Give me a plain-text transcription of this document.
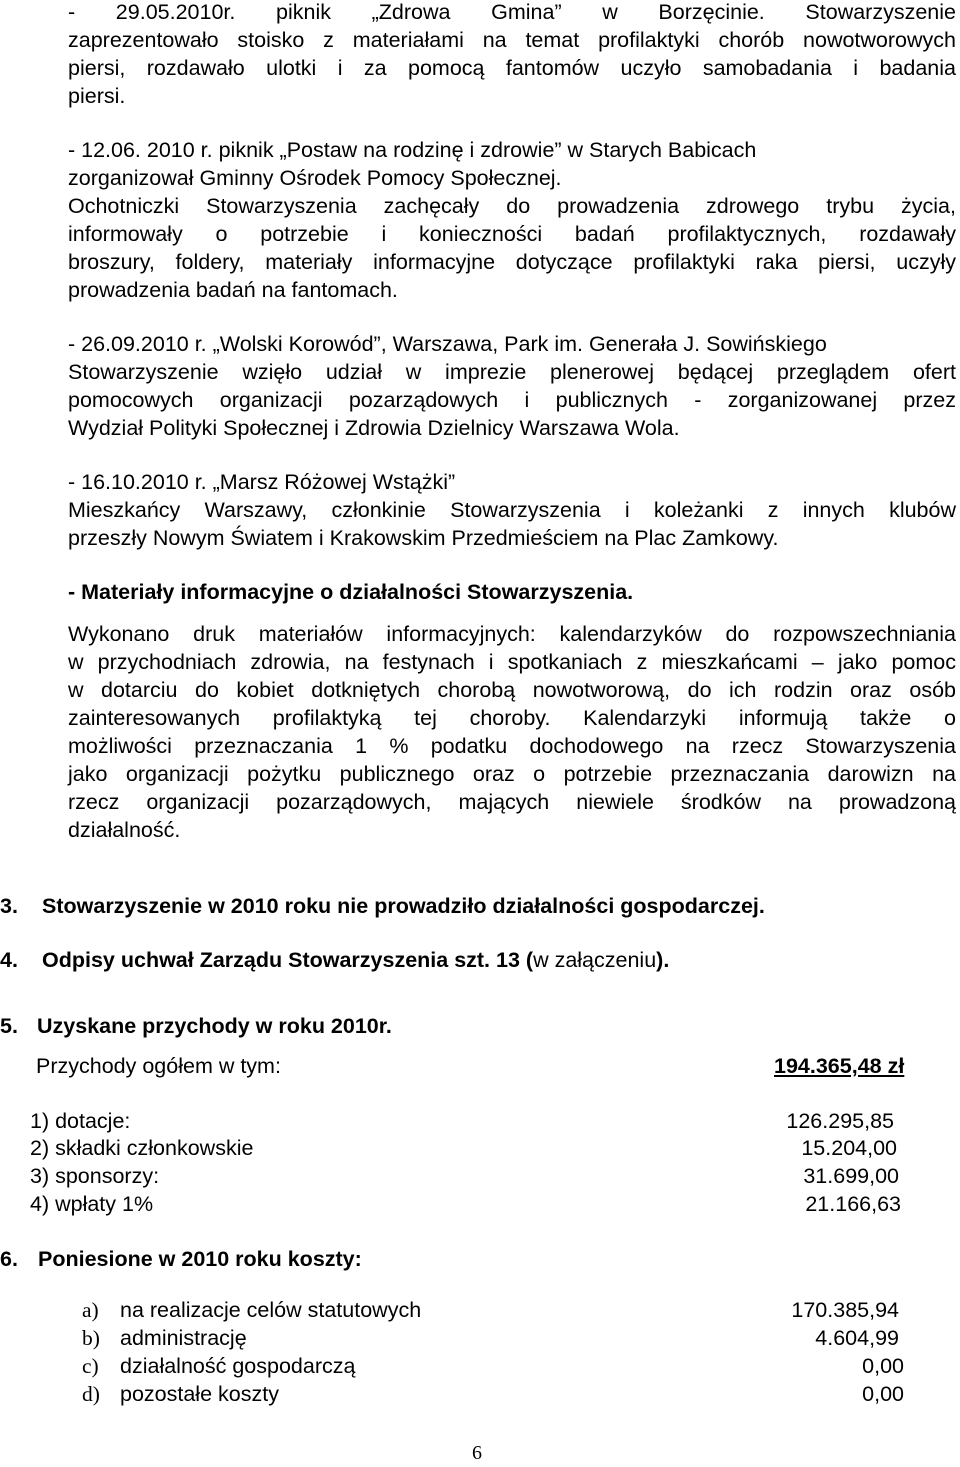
- 29.05.2010r. piknik „Zdrowa Gmina” w Borzęcinie. Stowarzyszenie
zaprezentowało stoisko z materiałami na temat profilaktyki chorób nowotworowych
piersi, rozdawało ulotki i za pomocą fantomów uczyło samobadania i badania
piersi.
- 12.06. 2010 r. piknik „Postaw na rodzinę i zdrowie” w Starych Babicach
zorganizował Gminny Ośrodek Pomocy Społecznej.
Ochotniczki Stowarzyszenia zachęcały do prowadzenia zdrowego trybu życia,
informowały o potrzebie i konieczności badań profilaktycznych, rozdawały
broszury, foldery, materiały informacyjne dotyczące profilaktyki raka piersi, uczyły
prowadzenia badań na fantomach.
- 26.09.2010 r. „Wolski Korowód”, Warszawa, Park im. Generała J. Sowińskiego
Stowarzyszenie wzięło udział w imprezie plenerowej będącej przeglądem ofert
pomocowych organizacji pozarządowych i publicznych - zorganizowanej przez
Wydział Polityki Społecznej i Zdrowia Dzielnicy Warszawa Wola.
- 16.10.2010 r. „Marsz Różowej Wstążki”
Mieszkańcy Warszawy, członkinie Stowarzyszenia i koleżanki z innych klubów
przeszły Nowym Światem i Krakowskim Przedmieściem na Plac Zamkowy.
- Materiały informacyjne o działalności Stowarzyszenia.
Wykonano druk materiałów informacyjnych: kalendarzyków do rozpowszechniania
w przychodniach zdrowia, na festynach i spotkaniach z mieszkańcami – jako pomoc
w dotarciu do kobiet dotkniętych chorobą nowotworową, do ich rodzin oraz osób
zainteresowanych profilaktyką tej choroby. Kalendarzyki informują także o
możliwości przeznaczania 1 % podatku dochodowego na rzecz Stowarzyszenia
jako organizacji pożytku publicznego oraz o potrzebie przeznaczania darowizn na
rzecz organizacji pozarządowych, mających niewiele środków na prowadzoną
działalność.
3. Stowarzyszenie w 2010 roku nie prowadziło działalności gospodarczej.
4. Odpisy uchwał Zarządu Stowarzyszenia szt. 13 (w załączeniu).
5. Uzyskane przychody w roku 2010r.
Przychody ogółem w tym:	194.365,48 zł
1) dotacje:	126.295,85
2) składki członkowskie	15.204,00
3) sponsorzy:	31.699,00
4) wpłaty 1%	21.166,63
6. Poniesione w 2010 roku koszty:
a) na realizacje celów statutowych	170.385,94
b) administrację	4.604,99
c) działalność gospodarczą	0,00
d) pozostałe koszty	0,00
6
